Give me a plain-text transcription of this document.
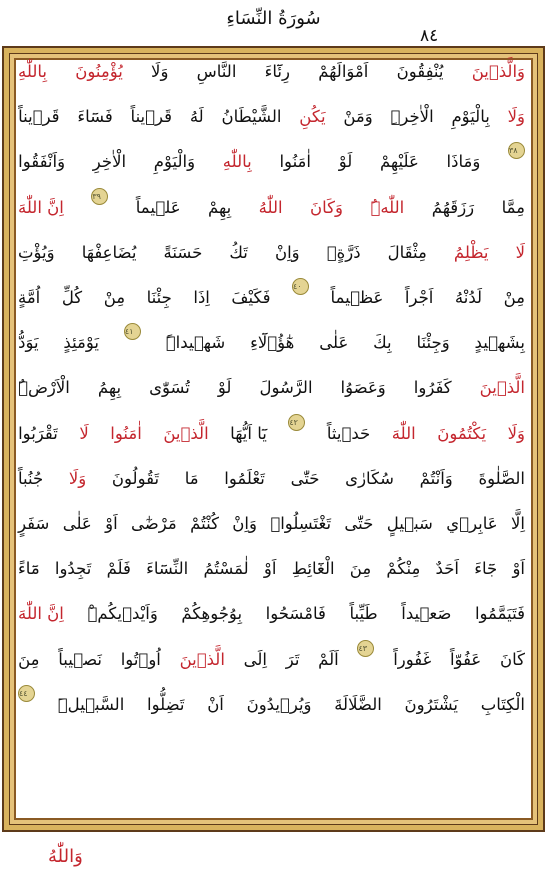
سُورَةُ النِّسَاءِ
٨٤
وَالَّذ۪ينَ
يُنْفِقُونَ
اَمْوَالَهُمْ
رِئَٓاءَ
النَّاسِ
وَلَا
يُؤْمِنُونَ
بِاللّٰهِ
وَلَا
بِالْيَوْمِ
الْاٰخِرِۜ
وَمَنْ
يَكُنِ
الشَّيْطَانُ
لَهُ
قَر۪يناً
فَسَٓاءَ
قَر۪يناً
٣٨
وَمَاذَا
عَلَيْهِمْ
لَوْ
اٰمَنُوا
بِاللّٰهِ
وَالْيَوْمِ
الْاٰخِرِ
وَاَنْفَقُوا
مِمَّا
رَزَقَهُمُ
اللّٰهُۜ
وَكَانَ
اللّٰهُ
بِهِمْ
عَل۪يماً
٣٩
اِنَّ اللّٰهَ
لَا
يَظْلِمُ
مِثْقَالَ
ذَرَّةٍۚ
وَاِنْ
تَكُ
حَسَنَةً
يُضَاعِفْهَا
وَيُؤْتِ
مِنْ
لَدُنْهُ
اَجْراً
عَظ۪يماً
٤٠
فَكَيْفَ
اِذَا
جِئْنَا
مِنْ
كُلِّ
اُمَّةٍ
بِشَه۪يدٍ
وَجِئْنَا
بِكَ
عَلٰى
هٰٓؤُ۬لَٓاءِ
شَه۪يداًۜ
٤١
يَوْمَئِذٍ
يَوَدُّ
الَّذ۪ينَ
كَفَرُوا
وَعَصَوُا
الرَّسُولَ
لَوْ
تُسَوّٰى
بِهِمُ
الْاَرْضُۜ
وَلَا
يَكْتُمُونَ
اللّٰهَ
حَد۪يثاً
٤٢
يَٓا اَيُّهَا
الَّذ۪ينَ
اٰمَنُوا
لَا
تَقْرَبُوا
الصَّلٰوةَ
وَاَنْتُمْ
سُكَارٰى
حَتّٰى
تَعْلَمُوا
مَا
تَقُولُونَ
وَلَا
جُنُباً
اِلَّا
عَابِر۪ي
سَب۪يلٍ
حَتّٰى
تَغْتَسِلُواۜ
وَاِنْ
كُنْتُمْ
مَرْضٰٓى
اَوْ
عَلٰى
سَفَرٍ
اَوْ
جَٓاءَ
اَحَدٌ
مِنْكُمْ
مِنَ
الْغَٓائِطِ
اَوْ
لٰمَسْتُمُ
النِّسَٓاءَ
فَلَمْ
تَجِدُوا
مَٓاءً
فَتَيَمَّمُوا
صَع۪يداً
طَيِّباً
فَامْسَحُوا
بِوُجُوهِكُمْ
وَاَيْد۪يكُمْۜ
اِنَّ اللّٰهَ
كَانَ
عَفُوّاً
غَفُوراً
٤٣
اَلَمْ
تَرَ
اِلَى
الَّذ۪ينَ
اُو۫تُوا
نَص۪يباً
مِنَ
الْكِتَابِ
يَشْتَرُونَ
الضَّلَالَةَ
وَيُر۪يدُونَ
اَنْ
تَضِلُّوا
السَّب۪يلَۜ
٤٤
وَاللّٰهُ
